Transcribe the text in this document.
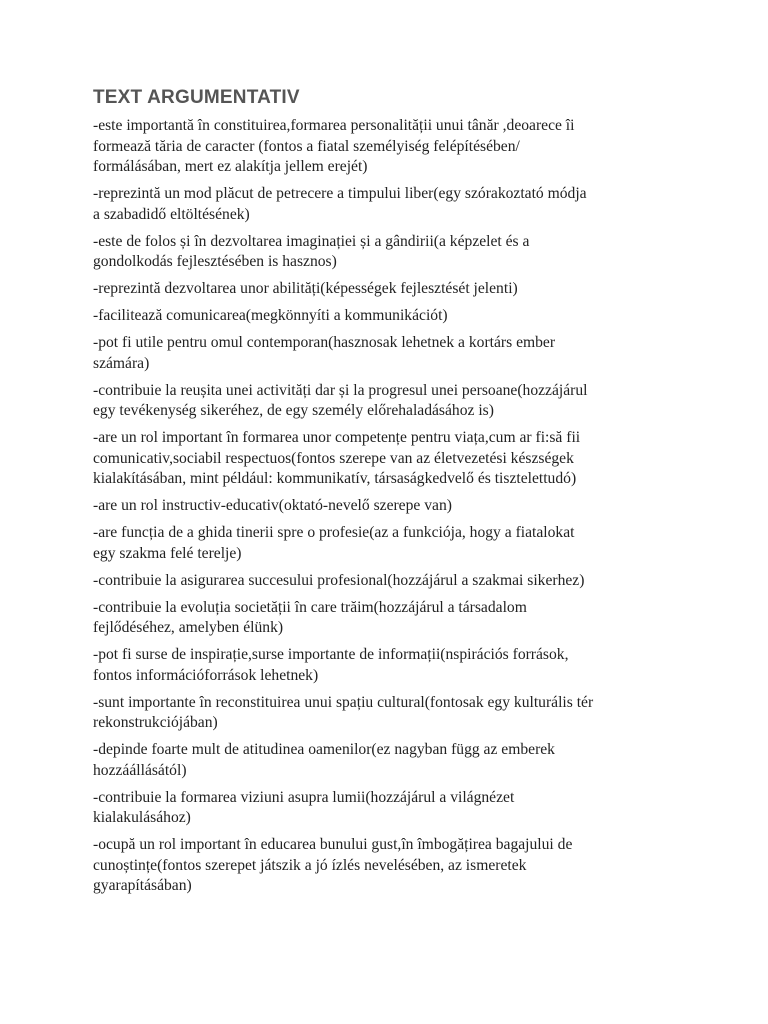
TEXT ARGUMENTATIV
-este importantă în constituirea,formarea personalității unui tânăr ,deoarece îi
formează tăria de caracter (fontos a fiatal személyiség felépítésében/
formálásában, mert ez alakítja jellem erejét)
-reprezintă un mod plăcut de petrecere a timpului liber(egy szórakoztató módja
a szabadidő eltöltésének)
-este de folos și în dezvoltarea imaginației și a gândirii(a képzelet és a
gondolkodás fejlesztésében is hasznos)
-reprezintă dezvoltarea unor abilități(képességek fejlesztését jelenti)
-facilitează comunicarea(megkönnyíti a kommunikációt)
-pot fi utile pentru omul contemporan(hasznosak lehetnek a kortárs ember
számára)
-contribuie la reușita unei activități dar și la progresul unei persoane(hozzájárul
egy tevékenység sikeréhez, de egy személy előrehaladásához is)
-are un rol important în formarea unor competențe pentru viața,cum ar fi:să fii
comunicativ,sociabil respectuos(fontos szerepe van az életvezetési készségek
kialakításában, mint például: kommunikatív, társaságkedvelő és tisztelettudó)
-are un rol instructiv-educativ(oktató-nevelő szerepe van)
-are funcția de a ghida tinerii spre o profesie(az a funkciója, hogy a fiatalokat
egy szakma felé terelje)
-contribuie la asigurarea succesului profesional(hozzájárul a szakmai sikerhez)
-contribuie la evoluția societății în care trăim(hozzájárul a társadalom
fejlődéséhez, amelyben élünk)
-pot fi surse de inspirație,surse importante de informații(nspirációs források,
fontos információforrások lehetnek)
-sunt importante în reconstituirea unui spațiu cultural(fontosak egy kulturális tér
rekonstrukciójában)
-depinde foarte mult de atitudinea oamenilor(ez nagyban függ az emberek
hozzáállásától)
-contribuie la formarea viziuni asupra lumii(hozzájárul a világnézet
kialakulásához)
-ocupă un rol important în educarea bunului gust,în îmbogățirea bagajului de
cunoștințe(fontos szerepet játszik a jó ízlés nevelésében, az ismeretek
gyarapításában)
